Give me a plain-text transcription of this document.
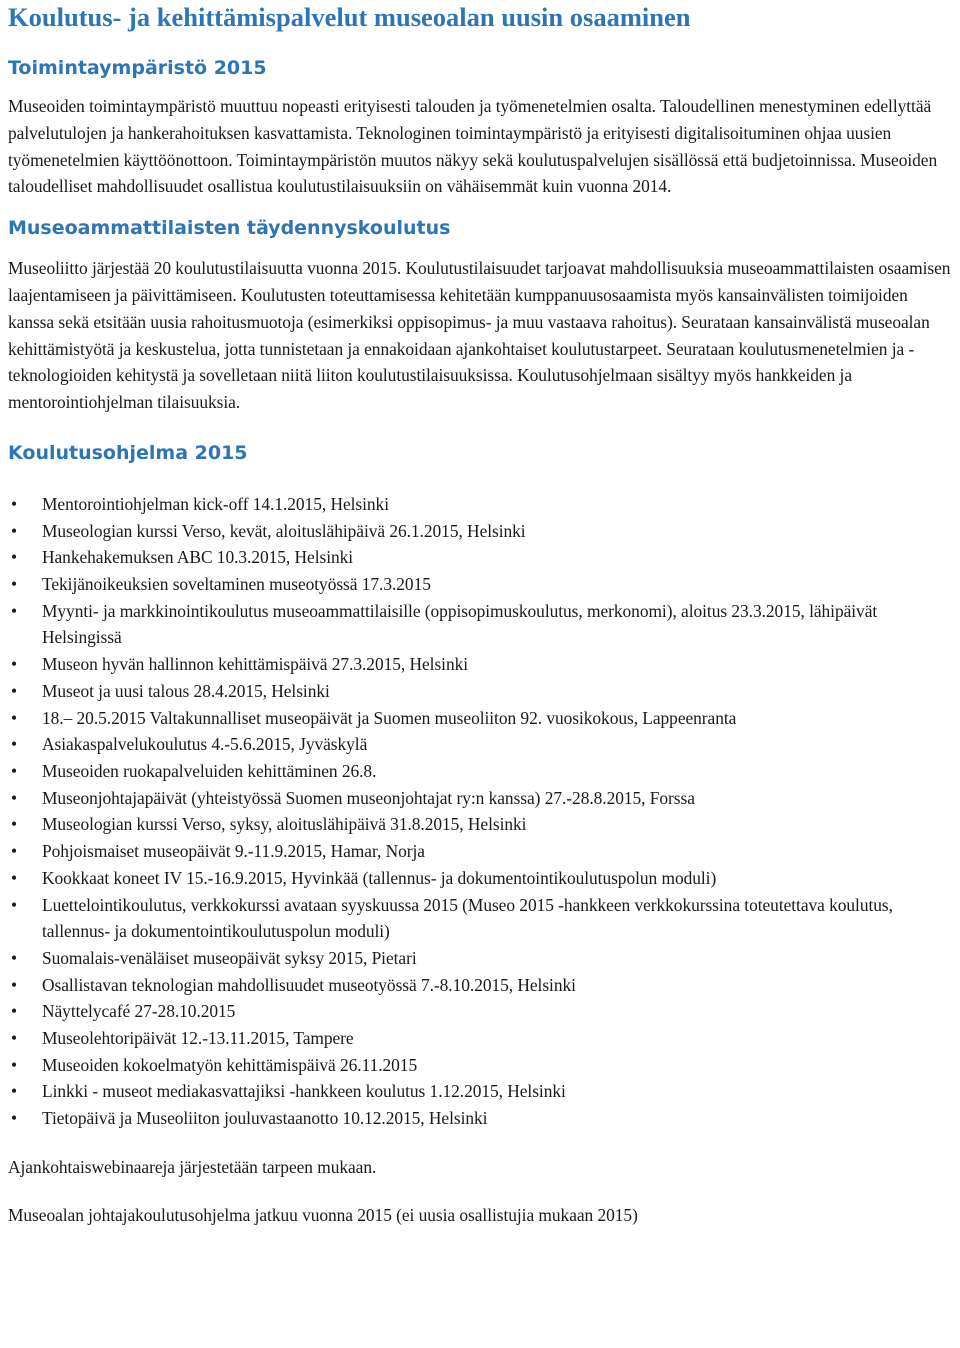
Koulutus- ja kehittämispalvelut museoalan uusin osaaminen
Toimintaympäristö 2015

Museoiden toimintaympäristö muuttuu nopeasti erityisesti talouden ja työmenetelmien osalta. Taloudellinen menestyminen edellyttää palvelutulojen ja hankerahoituksen kasvattamista. Teknologinen toimintaympäristö ja erityisesti digitalisoituminen ohjaa uusien työmenetelmien käyttöönottoon. Toimintaympäristön muutos näkyy sekä koulutuspalvelujen sisällössä että budjetoinnissa. Museoiden taloudelliset mahdollisuudet osallistua koulutustilaisuuksiin on vähäisemmät kuin vuonna 2014.

Museoammattilaisten täydennyskoulutus

Museoliitto järjestää 20 koulutustilaisuutta vuonna 2015. Koulutustilaisuudet tarjoavat mahdollisuuksia museoammattilaisten osaamisen laajentamiseen ja päivittämiseen. Koulutusten toteuttamisessa kehitetään kumppanuusosaamista myös kansainvälisten toimijoiden kanssa sekä etsitään uusia rahoitusmuotoja (esimerkiksi oppisopimus- ja muu vastaava rahoitus). Seurataan kansainvälistä museoalan kehittämistyötä ja keskustelua, jotta tunnistetaan ja ennakoidaan ajankohtaiset koulutustarpeet. Seurataan koulutusmenetelmien ja -teknologioiden kehitystä ja sovelletaan niitä liiton koulutustilaisuuksissa. Koulutusohjelmaan sisältyy myös hankkeiden ja mentorointiohjelman tilaisuuksia.

Koulutusohjelma 2015
• Mentorointiohjelman kick-off 14.1.2015, Helsinki
• Museologian kurssi Verso, kevät, aloituslähipäivä 26.1.2015, Helsinki
• Hankehakemuksen ABC 10.3.2015, Helsinki
• Tekijänoikeuksien soveltaminen museotyössä 17.3.2015
• Myynti- ja markkinointikoulutus museoammattilaisille (oppisopimuskoulutus, merkonomi), aloitus 23.3.2015, lähipäivät Helsingissä
• Museon hyvän hallinnon kehittämispäivä 27.3.2015, Helsinki
• Museot ja uusi talous 28.4.2015, Helsinki
• 18.– 20.5.2015 Valtakunnalliset museopäivät ja Suomen museoliiton 92. vuosikokous, Lappeenranta
• Asiakaspalvelukoulutus 4.-5.6.2015, Jyväskylä
• Museoiden ruokapalveluiden kehittäminen 26.8.
• Museonjohtajapäivät (yhteistyössä Suomen museonjohtajat ry:n kanssa) 27.-28.8.2015, Forssa
• Museologian kurssi Verso, syksy, aloituslähipäivä 31.8.2015, Helsinki
• Pohjoismaiset museopäivät 9.-11.9.2015, Hamar, Norja
• Kookkaat koneet IV 15.-16.9.2015, Hyvinkää (tallennus- ja dokumentointikoulutuspolun moduli)
• Luettelointikoulutus, verkkokurssi avataan syyskuussa 2015 (Museo 2015 -hankkeen verkkokurssina toteutettava koulutus, tallennus- ja dokumentointikoulutuspolun moduli)
• Suomalais-venäläiset museopäivät syksy 2015, Pietari
• Osallistavan teknologian mahdollisuudet museotyössä 7.-8.10.2015, Helsinki
• Näyttelycafé 27-28.10.2015
• Museolehtoripäivät 12.-13.11.2015, Tampere
• Museoiden kokoelmatyön kehittämispäivä 26.11.2015
• Linkki - museot mediakasvattajiksi -hankkeen koulutus 1.12.2015, Helsinki
• Tietopäivä ja Museoliiton jouluvastaanotto 10.12.2015, Helsinki

Ajankohtaiswebinaareja järjestetään tarpeen mukaan.

Museoalan johtajakoulutusohjelma jatkuu vuonna 2015 (ei uusia osallistujia mukaan 2015)
